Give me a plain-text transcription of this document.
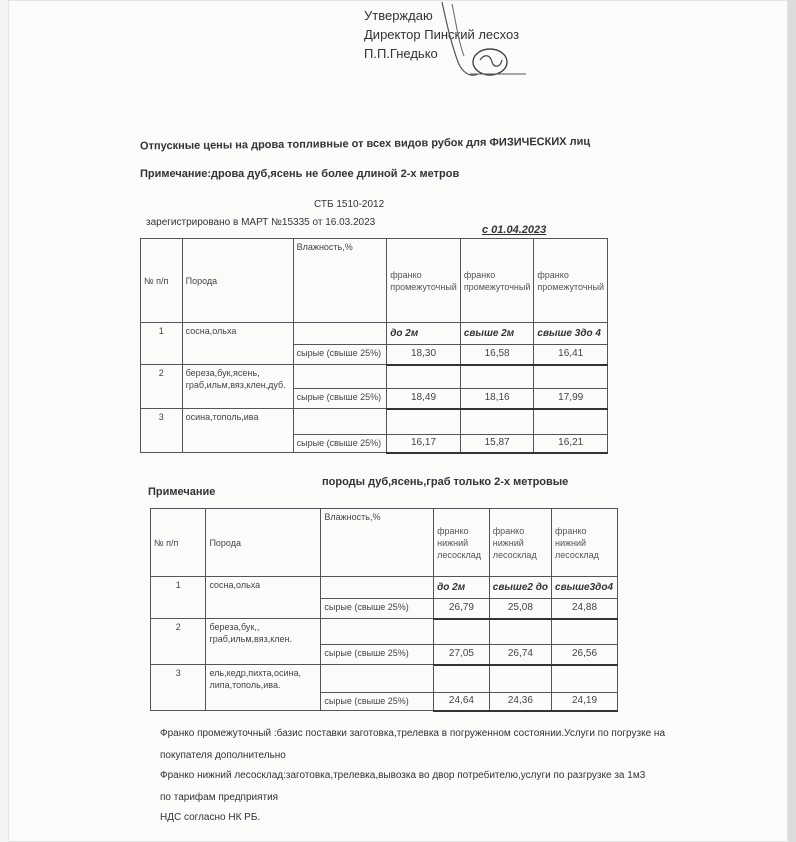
Утверждаю
Директор Пинский лесхоз
П.П.Гнедько
Отпускные цены на дрова топливные от всех видов рубок для ФИЗИЧЕСКИХ лиц
Примечание:дрова дуб,ясень не более длиной 2-х метров
СТБ 1510-2012
зарегистрировано в МАРТ №15335 от 16.03.2023
с 01.04.2023
№ п/п	Порода	Влажность,%	франко промежуточный	франко промежуточный	франко промежуточный
1	сосна,ольха		до 2м	свыше 2м	свыше 3до 4
		сырые (свыше 25%)	18,30	16,58	16,41
2	береза,бук,ясень, граб,ильм,вяз,клен,дуб.				
		сырые (свыше 25%)	18,49	18,16	17,99
3	осина,тополь,ива				
		сырые (свыше 25%)	16,17	15,87	16,21
Примечание
породы дуб,ясень,граб только 2-х метровые
№ п/п	Порода	Влажность,%	франко нижний лесосклад	франко нижний лесосклад	франко нижний лесосклад
1	сосна,ольха		до 2м	свыше2 до	свыше3до4
		сырые (свыше 25%)	26,79	25,08	24,88
2	береза,бук,, граб,ильм,вяз,клен.				
		сырые (свыше 25%)	27,05	26,74	26,56
3	ель,кедр,пихта,осина, липа,тополь,ива.				
		сырые (свыше 25%)	24,64	24,36	24,19
Франко промежуточный :базис поставки заготовка,трелевка в погруженном состоянии.Услуги по погрузке на
покупателя дополнительно
Франко нижний лесосклад:заготовка,трелевка,вывозка во двор потребителю,услуги по разгрузке за 1м3
по тарифам предприятия
НДС согласно НК РБ.
